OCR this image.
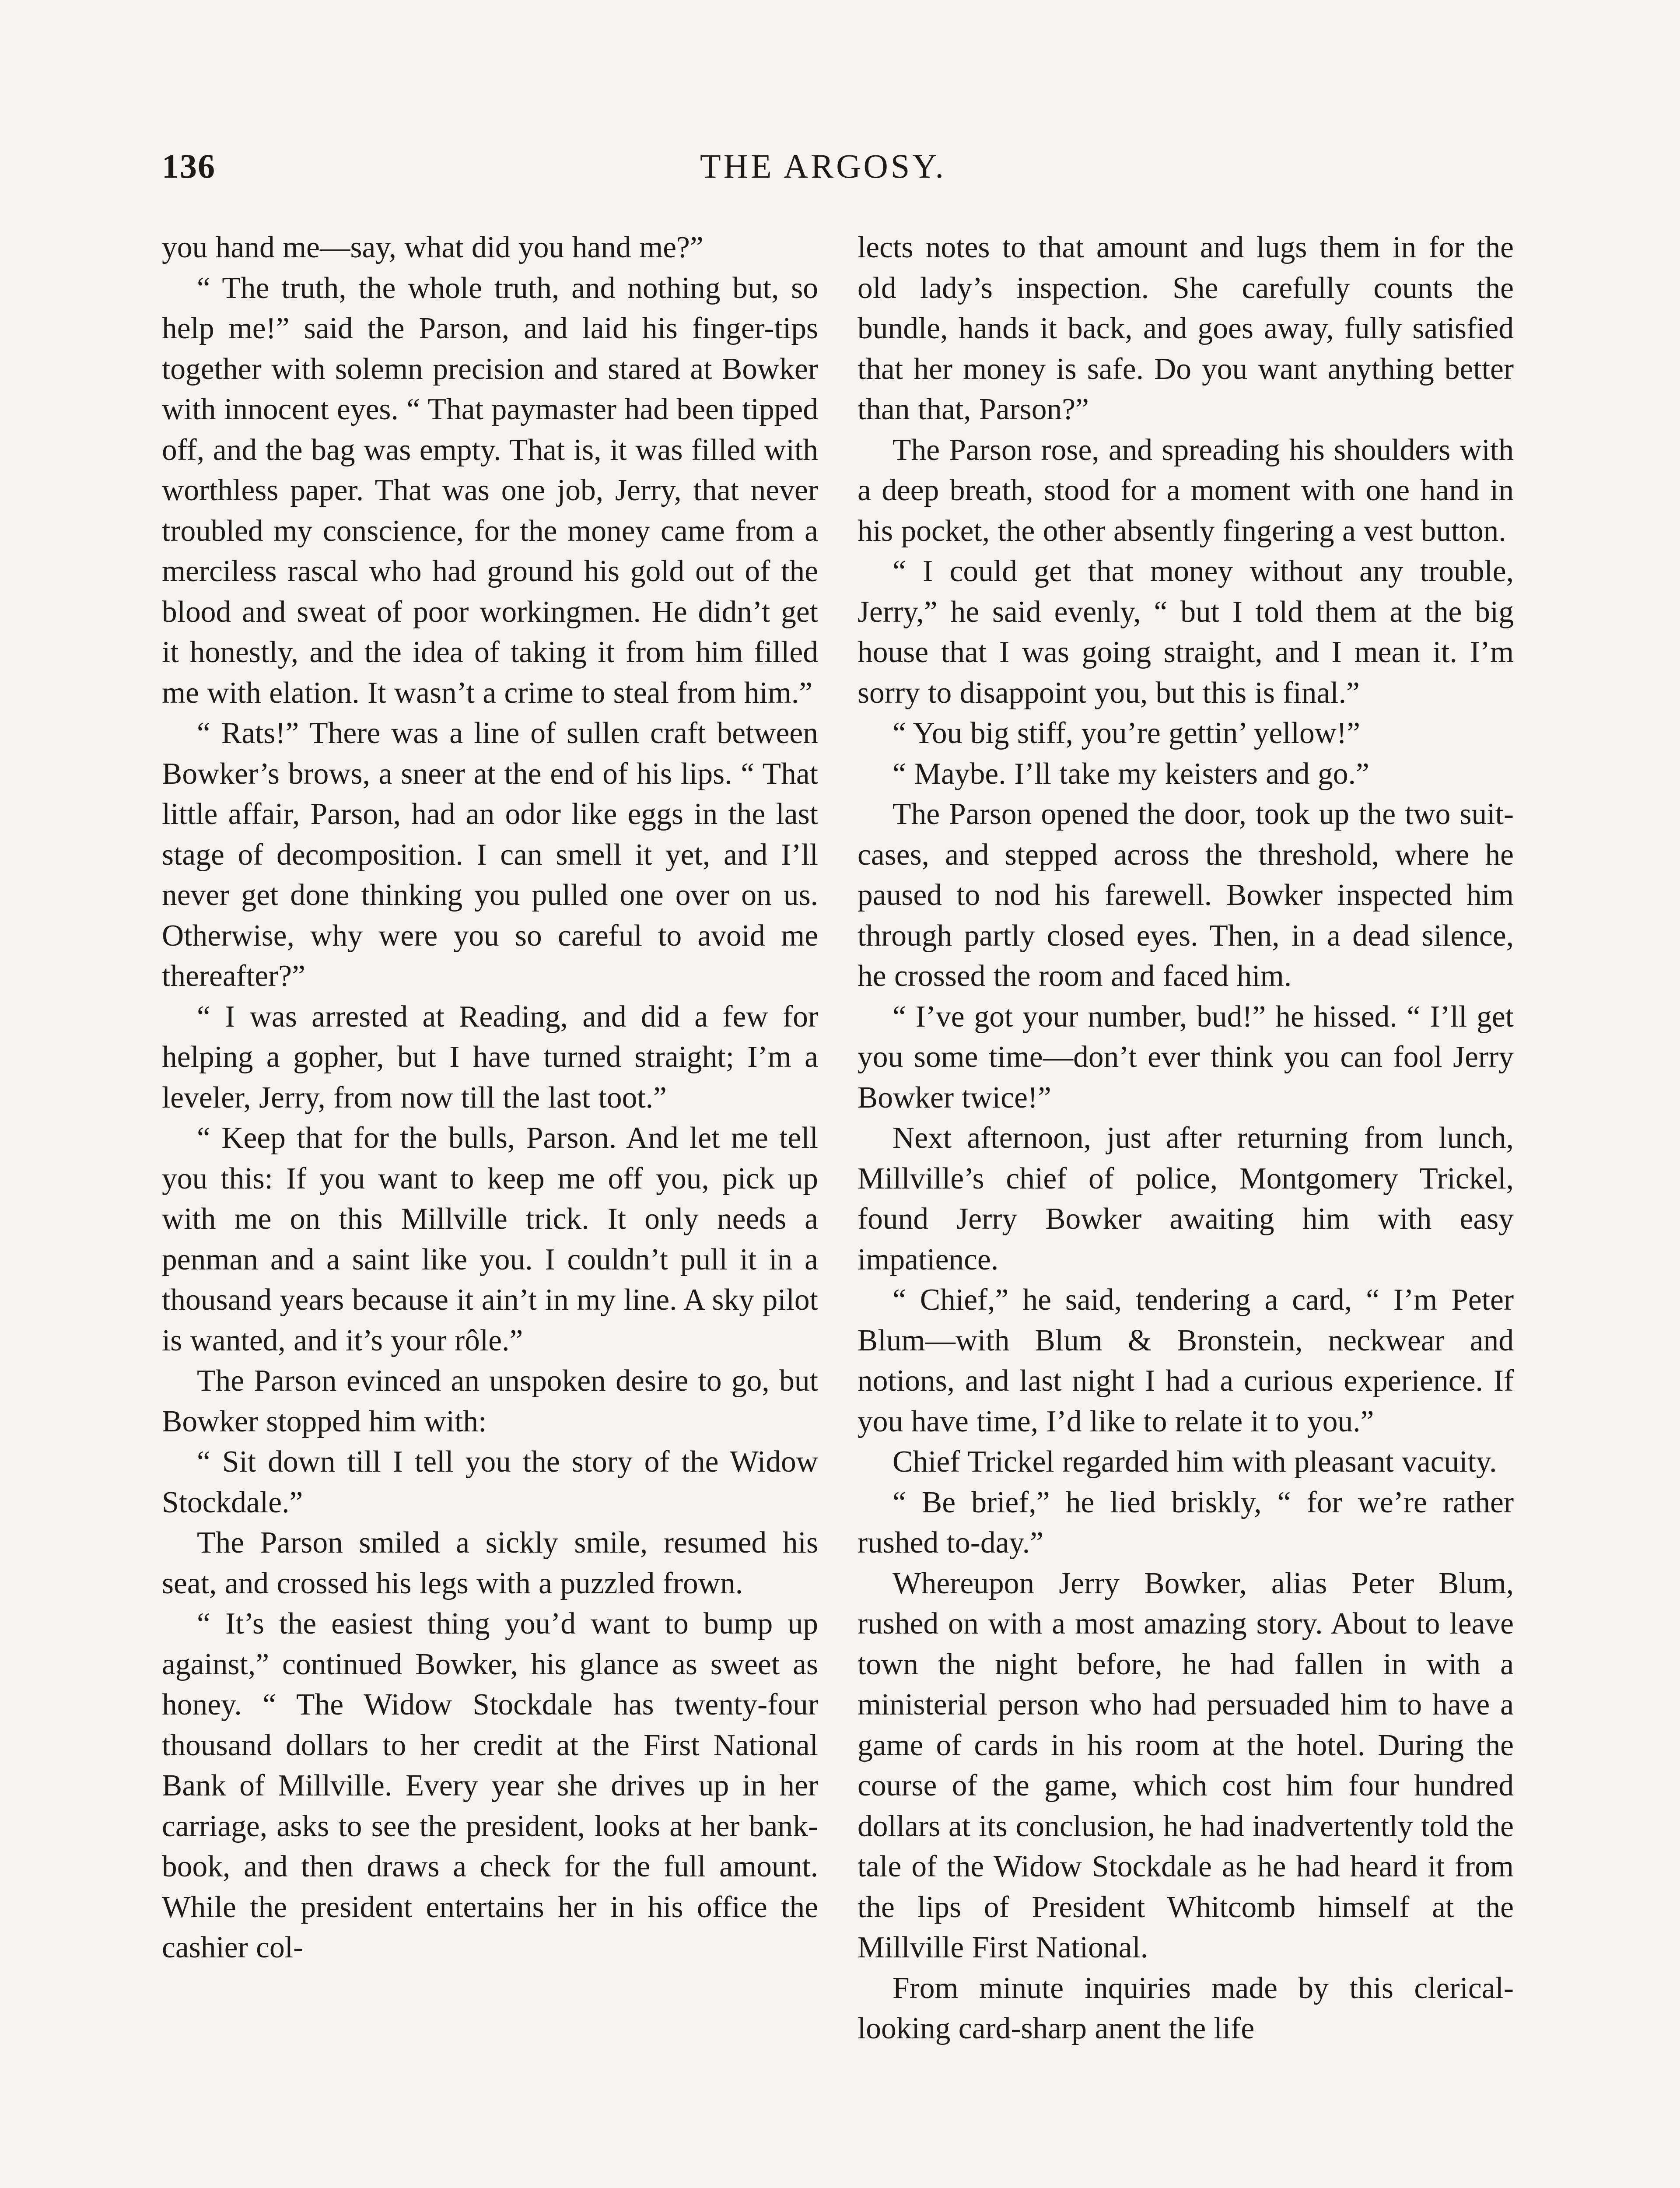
136	THE ARGOSY.

you hand me—say, what did you hand me?”

“ The truth, the whole truth, and nothing but, so help me!” said the Parson, and laid his finger-tips together with solemn precision and stared at Bowker with innocent eyes. “ That paymaster had been tipped off, and the bag was empty. That is, it was filled with worthless paper. That was one job, Jerry, that never troubled my conscience, for the money came from a merciless rascal who had ground his gold out of the blood and sweat of poor workingmen. He didn’t get it honestly, and the idea of taking it from him filled me with elation. It wasn’t a crime to steal from him.”

“ Rats!” There was a line of sullen craft between Bowker’s brows, a sneer at the end of his lips. “ That little affair, Parson, had an odor like eggs in the last stage of decomposition. I can smell it yet, and I’ll never get done thinking you pulled one over on us. Otherwise, why were you so careful to avoid me thereafter?”

“ I was arrested at Reading, and did a few for helping a gopher, but I have turned straight; I’m a leveler, Jerry, from now till the last toot.”

“ Keep that for the bulls, Parson. And let me tell you this: If you want to keep me off you, pick up with me on this Millville trick. It only needs a penman and a saint like you. I couldn’t pull it in a thousand years because it ain’t in my line. A sky pilot is wanted, and it’s your rôle.”

The Parson evinced an unspoken desire to go, but Bowker stopped him with:

“ Sit down till I tell you the story of the Widow Stockdale.”

The Parson smiled a sickly smile, resumed his seat, and crossed his legs with a puzzled frown.

“ It’s the easiest thing you’d want to bump up against,” continued Bowker, his glance as sweet as honey. “ The Widow Stockdale has twenty-four thousand dollars to her credit at the First National Bank of Millville. Every year she drives up in her carriage, asks to see the president, looks at her bank-book, and then draws a check for the full amount. While the president entertains her in his office the cashier col-

lects notes to that amount and lugs them in for the old lady’s inspection. She carefully counts the bundle, hands it back, and goes away, fully satisfied that her money is safe. Do you want anything better than that, Parson?”

The Parson rose, and spreading his shoulders with a deep breath, stood for a moment with one hand in his pocket, the other absently fingering a vest button.

“ I could get that money without any trouble, Jerry,” he said evenly, “ but I told them at the big house that I was going straight, and I mean it. I’m sorry to disappoint you, but this is final.”

“ You big stiff, you’re gettin’ yellow!”

“ Maybe. I’ll take my keisters and go.”

The Parson opened the door, took up the two suit-cases, and stepped across the threshold, where he paused to nod his farewell. Bowker inspected him through partly closed eyes. Then, in a dead silence, he crossed the room and faced him.

“ I’ve got your number, bud!” he hissed. “ I’ll get you some time—don’t ever think you can fool Jerry Bowker twice!”

Next afternoon, just after returning from lunch, Millville’s chief of police, Montgomery Trickel, found Jerry Bowker awaiting him with easy impatience.

“ Chief,” he said, tendering a card, “ I’m Peter Blum—with Blum & Bronstein, neckwear and notions, and last night I had a curious experience. If you have time, I’d like to relate it to you.”

Chief Trickel regarded him with pleasant vacuity.

“ Be brief,” he lied briskly, “ for we’re rather rushed to-day.”

Whereupon Jerry Bowker, alias Peter Blum, rushed on with a most amazing story. About to leave town the night before, he had fallen in with a ministerial person who had persuaded him to have a game of cards in his room at the hotel. During the course of the game, which cost him four hundred dollars at its conclusion, he had inadvertently told the tale of the Widow Stockdale as he had heard it from the lips of President Whitcomb himself at the Millville First National.

From minute inquiries made by this clerical-looking card-sharp anent the life
